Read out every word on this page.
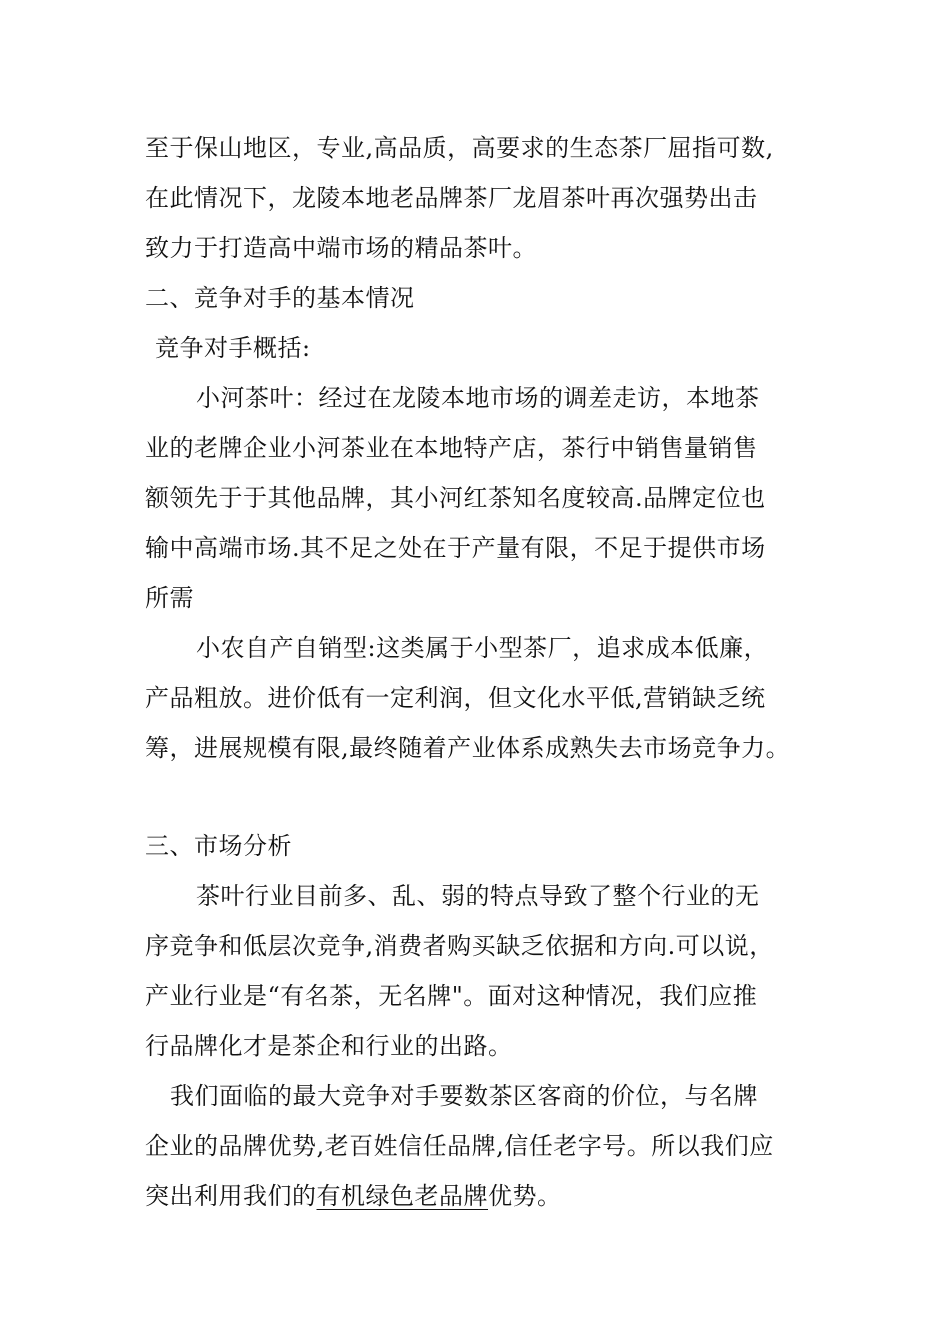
至于保山地区，专业,高品质，高要求的生态茶厂屈指可数,
在此情况下，龙陵本地老品牌茶厂龙眉茶叶再次强势出击
致力于打造高中端市场的精品茶叶。
二、竞争对手的基本情况
竞争对手概括:
小河茶叶：经过在龙陵本地市场的调差走访，本地茶
业的老牌企业小河茶业在本地特产店，茶行中销售量销售
额领先于于其他品牌，其小河红茶知名度较高.品牌定位也
输中高端市场.其不足之处在于产量有限，不足于提供市场
所需
小农自产自销型:这类属于小型茶厂，追求成本低廉，
产品粗放。进价低有一定利润，但文化水平低,营销缺乏统
筹，进展规模有限,最终随着产业体系成熟失去市场竞争力。
三、市场分析
茶叶行业目前多、乱、弱的特点导致了整个行业的无
序竞争和低层次竞争,消费者购买缺乏依据和方向.可以说，
产业行业是“有名茶，无名牌"。面对这种情况，我们应推
行品牌化才是茶企和行业的出路。
我们面临的最大竞争对手要数茶区客商的价位，与名牌
企业的品牌优势,老百姓信任品牌,信任老字号。所以我们应
突出利用我们的有机绿色老品牌优势。
